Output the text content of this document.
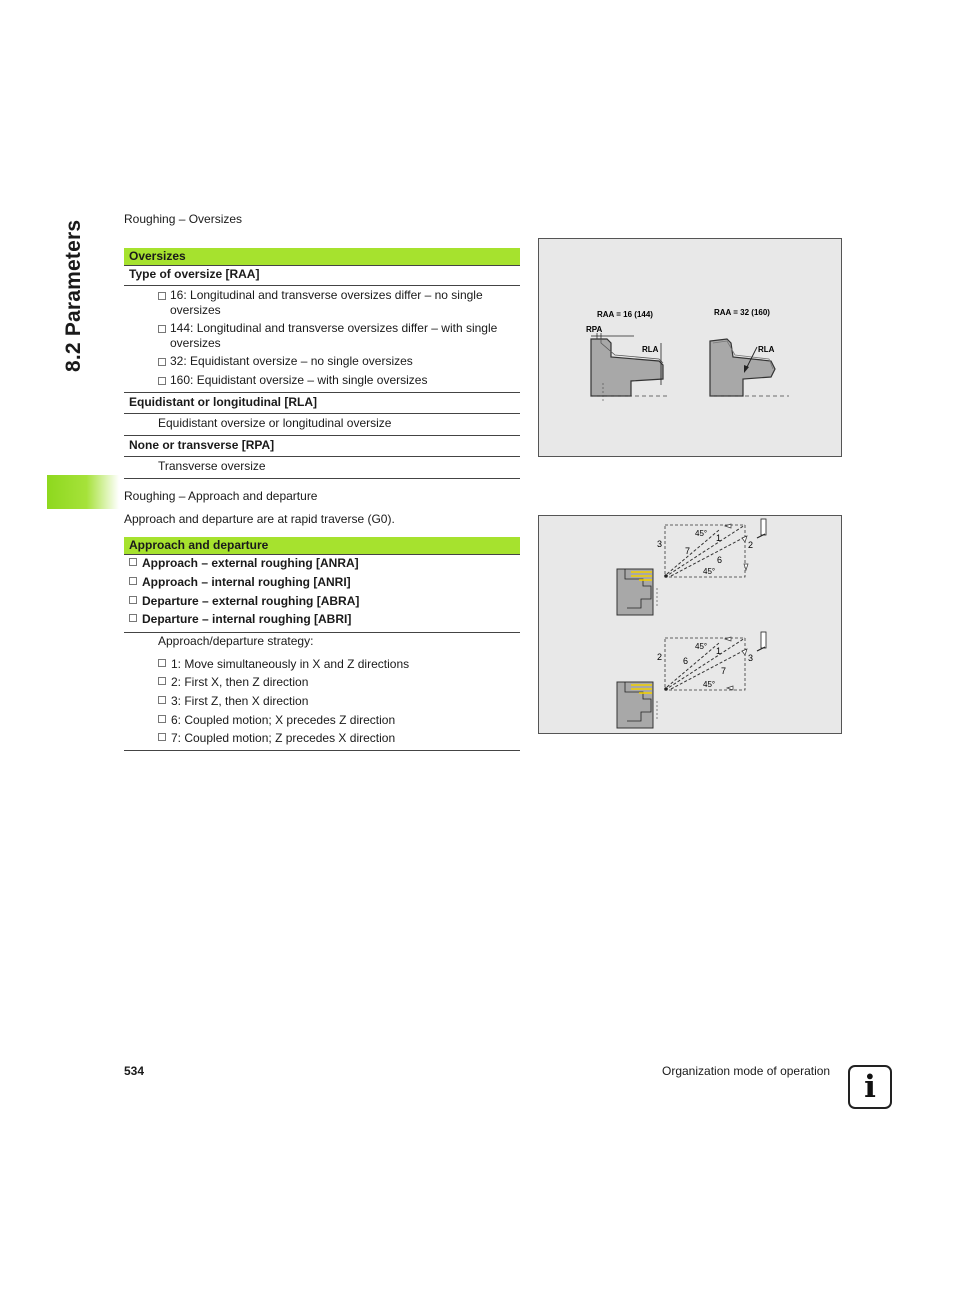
8.2 Parameters
Roughing – Oversizes
Oversizes
Type of oversize [RAA]
16: Longitudinal and transverse oversizes differ – no single oversizes
144: Longitudinal and transverse oversizes differ – with single oversizes
32: Equidistant oversize – no single oversizes
160: Equidistant oversize – with single oversizes
Equidistant or longitudinal [RLA]
Equidistant oversize or longitudinal oversize
None or transverse [RPA]
Transverse oversize
RAA = 16 (144)
RPA
RLA
RAA = 32 (160)
RLA
Roughing – Approach and departure
Approach and departure are at rapid traverse (G0).
Approach and departure
Approach – external roughing [ANRA]
Approach – internal roughing [ANRI]
Departure – external roughing [ABRA]
Departure – internal roughing [ABRI]
Approach/departure strategy:
1: Move simultaneously in X and Z directions
2: First X, then Z direction
3: First Z, then X direction
6: Coupled motion; X precedes Z direction
7: Coupled motion; Z precedes X direction
3	2
1
6
7
45°
45°
2	3
1
6
7
45°
45°
534	Organization mode of operation	i
